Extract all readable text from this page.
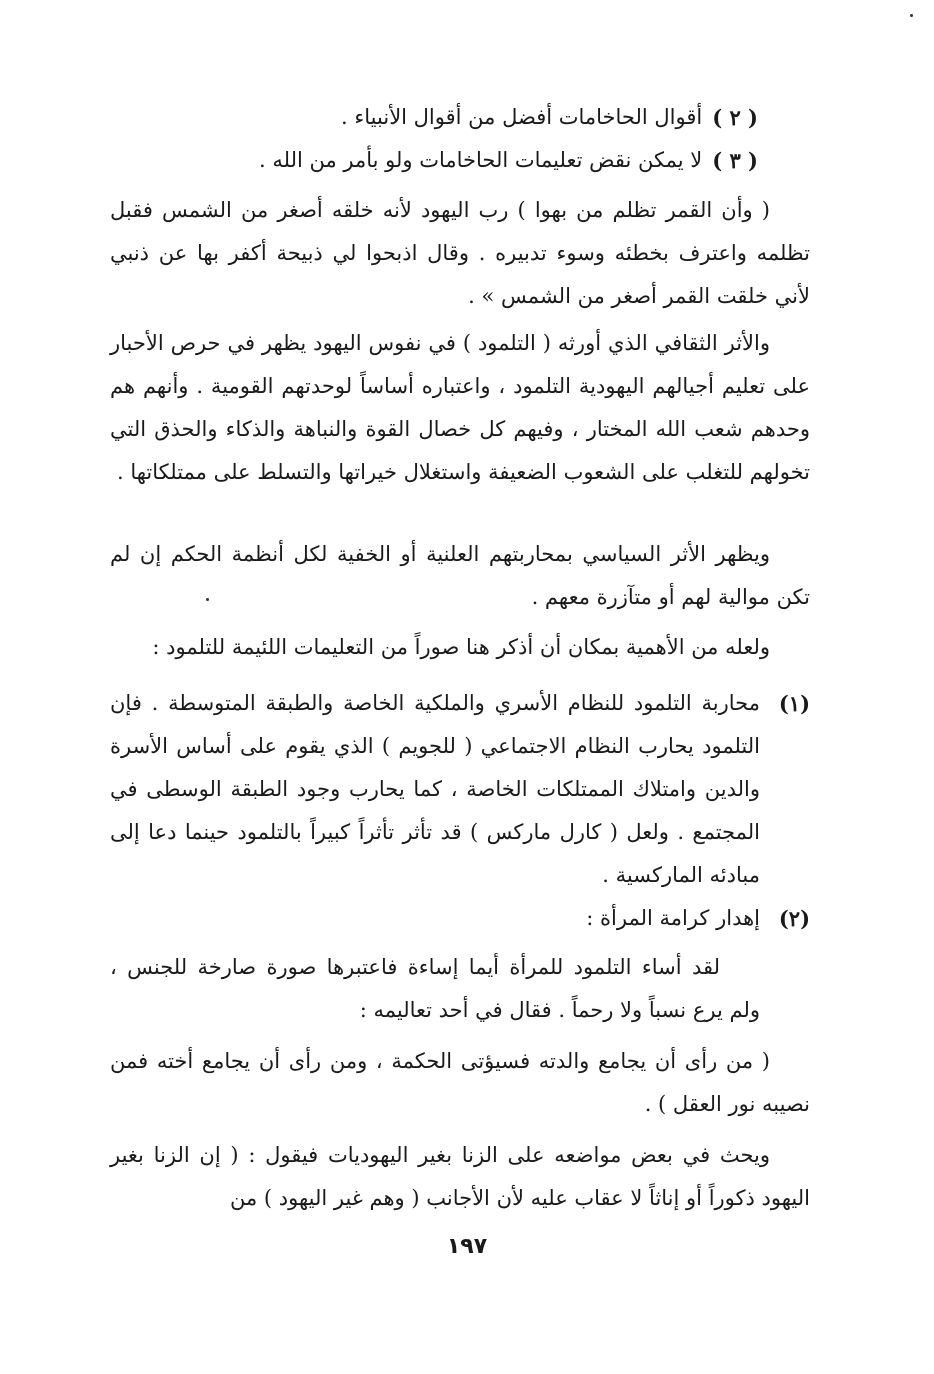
( ٢ )
أقوال الحاخامات أفضل من أقوال الأنبياء .
( ٣ )
لا يمكن نقض تعليمات الحاخامات ولو بأمر من الله .

( وأن القمر تظلم من بهوا ) رب اليهود لأنه خلقه أصغر من الشمس فقبل تظلمه واعترف بخطئه وسوء تدبيره . وقال اذبحوا لي ذبيحة أكفر بها عن ذنبي لأني خلقت القمر أصغر من الشمس » .

والأثر الثقافي الذي أورثه ( التلمود ) في نفوس اليهود يظهر في حرص الأحبار على تعليم أجيالهم اليهودية التلمود ، واعتباره أساساً لوحدتهم القومية . وأنهم هم وحدهم شعب الله المختار ، وفيهم كل خصال القوة والنباهة والذكاء والحذق التي تخولهم للتغلب على الشعوب الضعيفة واستغلال خيراتها والتسلط على ممتلكاتها .

ويظهر الأثر السياسي بمحاربتهم العلنية أو الخفية لكل أنظمة الحكم إن لم تكن موالية لهم أو متآزرة معهم .

ولعله من الأهمية بمكان أن أذكر هنا صوراً من التعليمات اللئيمة للتلمود :

(١)
محاربة التلمود للنظام الأسري والملكية الخاصة والطبقة المتوسطة . فإن التلمود يحارب النظام الاجتماعي ( للجويم ) الذي يقوم على أساس الأسرة والدين وامتلاك الممتلكات الخاصة ، كما يحارب وجود الطبقة الوسطى في المجتمع . ولعل ( كارل ماركس ) قد تأثر تأثراً كبيراً بالتلمود حينما دعا إلى مبادئه الماركسية .
(٢)
إهدار كرامة المرأة :

لقد أساء التلمود للمرأة أيما إساءة فاعتبرها صورة صارخة للجنس ، ولم يرع نسباً ولا رحماً . فقال في أحد تعاليمه :

( من رأى أن يجامع والدته فسيؤتى الحكمة ، ومن رأى أن يجامع أخته فمن نصيبه نور العقل ) .

ويحث في بعض مواضعه على الزنا بغير اليهوديات فيقول : ( إن الزنا بغير اليهود ذكوراً أو إناثاً لا عقاب عليه لأن الأجانب ( وهم غير اليهود ) من

١٩٧
